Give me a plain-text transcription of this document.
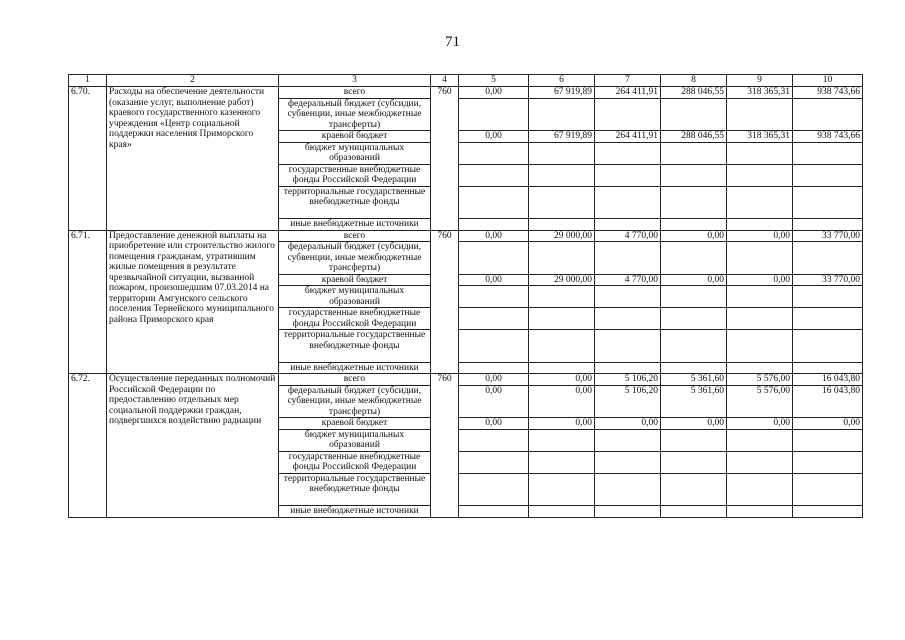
71
1	2	3	4	5	6	7	8	9	10
6.70.	Расходы на обеспечение деятельности (оказание услуг, выполнение работ) краевого государственного казенного учреждения «Центр социальной поддержки населения Приморского края»	всего	760	0,00	67 919,89	264 411,91	288 046,55	318 365,31	938 743,66
		федеральный бюджет (субсидии, субвенции, иные межбюджетные трансферты)							
		краевой бюджет		0,00	67 919,89	264 411,91	288 046,55	318 365,31	938 743,66
		бюджет муниципальных образований							
		государственные внебюджетные фонды Российской Федерации							
		территориальные государственные внебюджетные фонды							
		иные внебюджетные источники							
6.71.	Предоставление денежной выплаты на приобретение или строительство жилого помещения гражданам, утратившим жилые помещения в результате чрезвычайной ситуации, вызванной пожаром, произошедшим 07.03.2014 на территории Амгунского сельского поселения Тернейского муниципального района Приморского края	всего	760	0,00	29 000,00	4 770,00	0,00	0,00	33 770,00
		федеральный бюджет (субсидии, субвенции, иные межбюджетные трансферты)							
		краевой бюджет		0,00	29 000,00	4 770,00	0,00	0,00	33 770,00
		бюджет муниципальных образований							
		государственные внебюджетные фонды Российской Федерации							
		территориальные государственные внебюджетные фонды							
		иные внебюджетные источники							
6.72.	Осуществление переданных полномочий Российской Федерации по предоставлению отдельных мер социальной поддержки граждан, подвергшихся воздействию радиации	всего	760	0,00	0,00	5 106,20	5 361,60	5 576,00	16 043,80
		федеральный бюджет (субсидии, субвенции, иные межбюджетные трансферты)		0,00	0,00	5 106,20	5 361,60	5 576,00	16 043,80
		краевой бюджет		0,00	0,00	0,00	0,00	0,00	0,00
		бюджет муниципальных образований							
		государственные внебюджетные фонды Российской Федерации							
		территориальные государственные внебюджетные фонды							
		иные внебюджетные источники							
